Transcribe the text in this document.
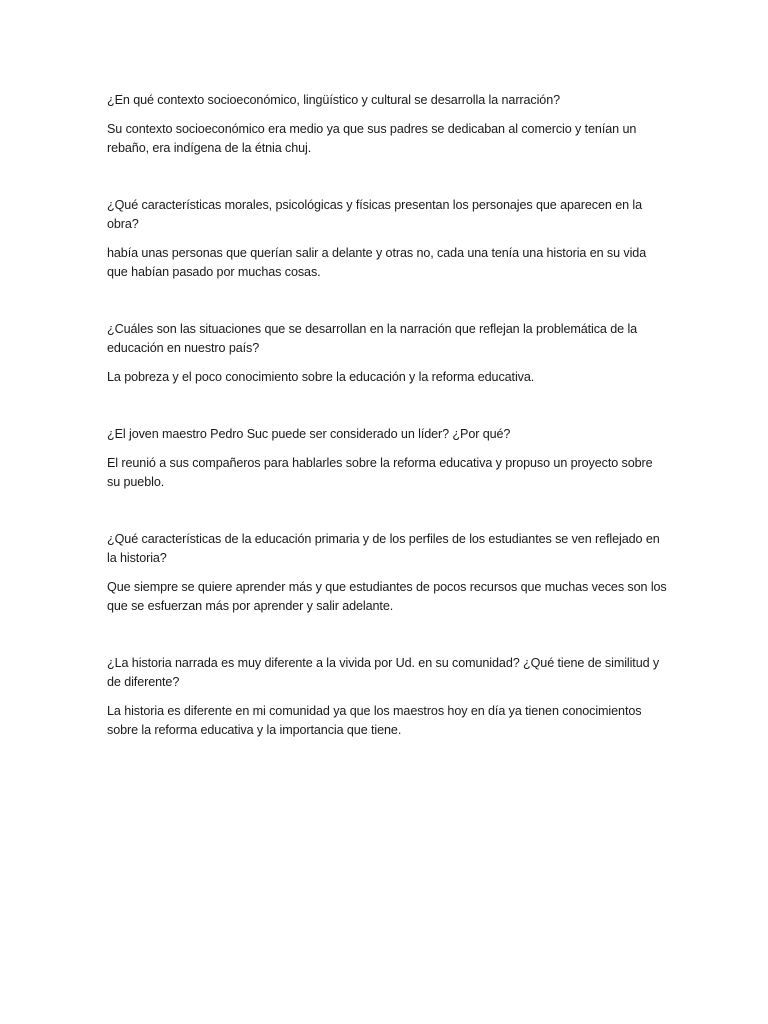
¿En qué contexto socioeconómico, lingüístico y cultural se desarrolla la narración?

Su contexto socioeconómico era medio ya que sus padres se dedicaban al comercio y tenían un rebaño, era indígena de la étnia chuj.

¿Qué características morales, psicológicas y físicas presentan los personajes que aparecen en la obra?

había unas personas que querían salir a delante y otras no, cada una tenía una historia en su vida que habían pasado por muchas cosas.

¿Cuáles son las situaciones que se desarrollan en la narración que reflejan la problemática de la educación en nuestro país?

La pobreza y el poco conocimiento sobre la educación y la reforma educativa.

¿El joven maestro Pedro Suc puede ser considerado un líder? ¿Por qué?

El reunió a sus compañeros para hablarles sobre la reforma educativa y propuso un proyecto sobre su pueblo.

¿Qué características de la educación primaria y de los perfiles de los estudiantes se ven reflejado en la historia?

Que siempre se quiere aprender más y que estudiantes de pocos recursos que muchas veces son los que se esfuerzan más por aprender y salir adelante.

¿La historia narrada es muy diferente a la vivida por Ud. en su comunidad? ¿Qué tiene de similitud y de diferente?

La historia es diferente en mi comunidad ya que los maestros hoy en día ya tienen conocimientos sobre la reforma educativa y la importancia que tiene.
